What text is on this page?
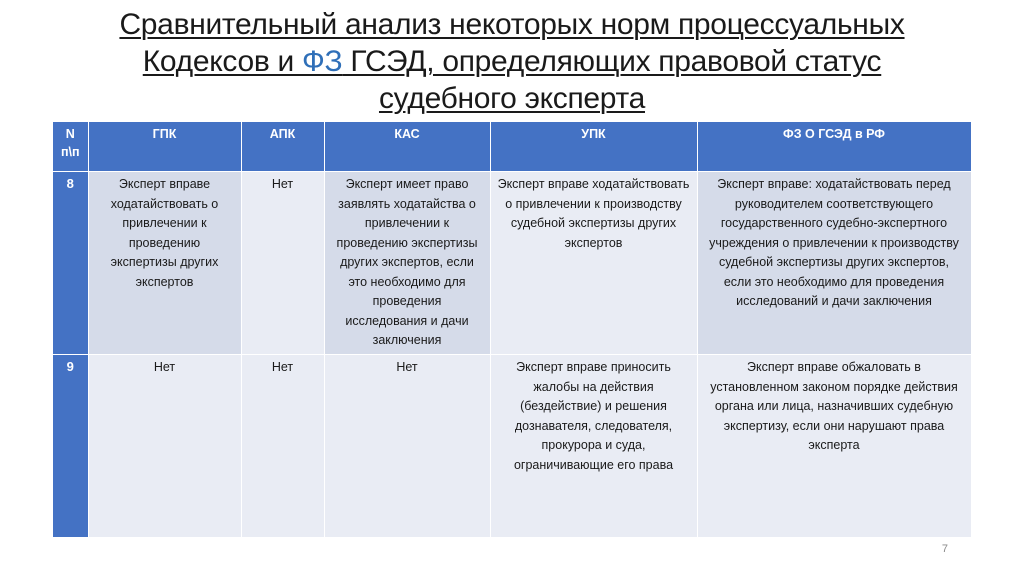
Сравнительный анализ некоторых норм процессуальных
Кодексов и ФЗ ГСЭД, определяющих правовой статус
судебного эксперта
N
п\п	ГПК	АПК	КАС	УПК	ФЗ О ГСЭД в РФ
8	Эксперт вправе ходатайствовать о привлечении к проведению экспертизы других экспертов	Нет	Эксперт имеет право заявлять ходатайства о привлечении к проведению экспертизы других экспертов, если это необходимо для проведения исследования и дачи заключения	Эксперт вправе ходатайствовать о привлечении к производству судебной экспертизы других экспертов	Эксперт вправе: ходатайствовать перед руководителем соответствующего государственного судебно-экспертного учреждения о привлечении к производству судебной экспертизы других экспертов, если это необходимо для проведения исследований и дачи заключения
9	Нет	Нет	Нет	Эксперт вправе приносить жалобы на действия (бездействие) и решения дознавателя, следователя, прокурора и суда, ограничивающие его права	Эксперт вправе обжаловать в установленном законом порядке действия органа или лица, назначивших судебную экспертизу, если они нарушают права эксперта
7
